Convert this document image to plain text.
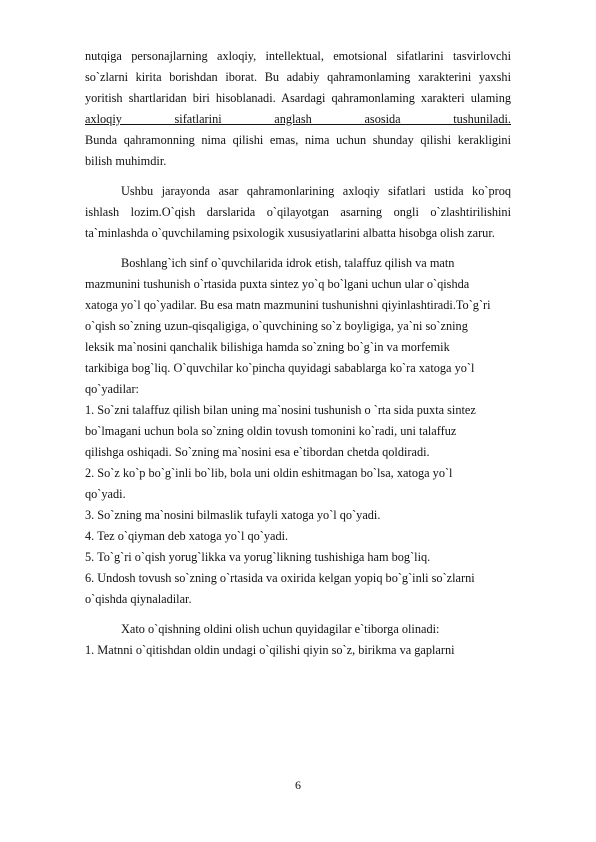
nutqiga personajlarning axloqiy, intellektual, emotsional sifatlarini tasvirlovchi
so`zlarni kirita borishdan iborat. Bu adabiy qahramonlaming xarakterini yaxshi
yoritish shartlaridan biri hisoblanadi. Asardagi qahramonlaming xarakteri ulaming
axloqiy sifatlarini anglash asosida tushuniladi.
Bunda qahramonning nima qilishi emas, nima uchun shunday qilishi kerakligini
bilish muhimdir.
Ushbu jarayonda asar qahramonlarining axloqiy sifatlari ustida ko`proq
ishlash lozim.O`qish darslarida o`qilayotgan asarning ongli o`zlashtirilishini
ta`minlashda o`quvchilaming psixologik xususiyatlarini albatta hisobga olish zarur.
Boshlang`ich sinf o`quvchilarida idrok etish, talaffuz qilish va matn
mazmunini tushunish o`rtasida puxta sintez yo`q bo`lgani uchun ular o`qishda
xatoga yo`l qo`yadilar. Bu esa matn mazmunini tushunishni qiyinlashtiradi.To`g`ri
o`qish so`zning uzun-qisqaligiga, o`quvchining so`z boyligiga, ya`ni so`zning
leksik ma`nosini qanchalik bilishiga hamda so`zning bo`g`in va morfemik
tarkibiga bog`liq. O`quvchilar ko`pincha quyidagi sabablarga ko`ra xatoga yo`l
qo`yadilar:
1. So`zni talaffuz qilish bilan uning ma`nosini tushunish o `rta sida puxta sintez
bo`lmagani uchun bola so`zning oldin tovush tomonini ko`radi, uni talaffuz
qilishga oshiqadi. So`zning ma`nosini esa e`tibordan chetda qoldiradi.
2. So`z ko`p bo`g`inli bo`lib, bola uni oldin eshitmagan bo`lsa, xatoga yo`l
qo`yadi.
3. So`zning ma`nosini bilmaslik tufayli xatoga yo`l qo`yadi.
4. Tez o`qiyman deb xatoga yo`l qo`yadi.
5. To`g`ri o`qish yorug`likka va yorug`likning tushishiga ham bog`liq.
6. Undosh tovush so`zning o`rtasida va oxirida kelgan yopiq bo`g`inli so`zlarni
o`qishda qiynaladilar.
Xato o`qishning oldini olish uchun quyidagilar e`tiborga olinadi:
1. Matnni o`qitishdan oldin undagi o`qilishi qiyin so`z, birikma va gaplarni
6
